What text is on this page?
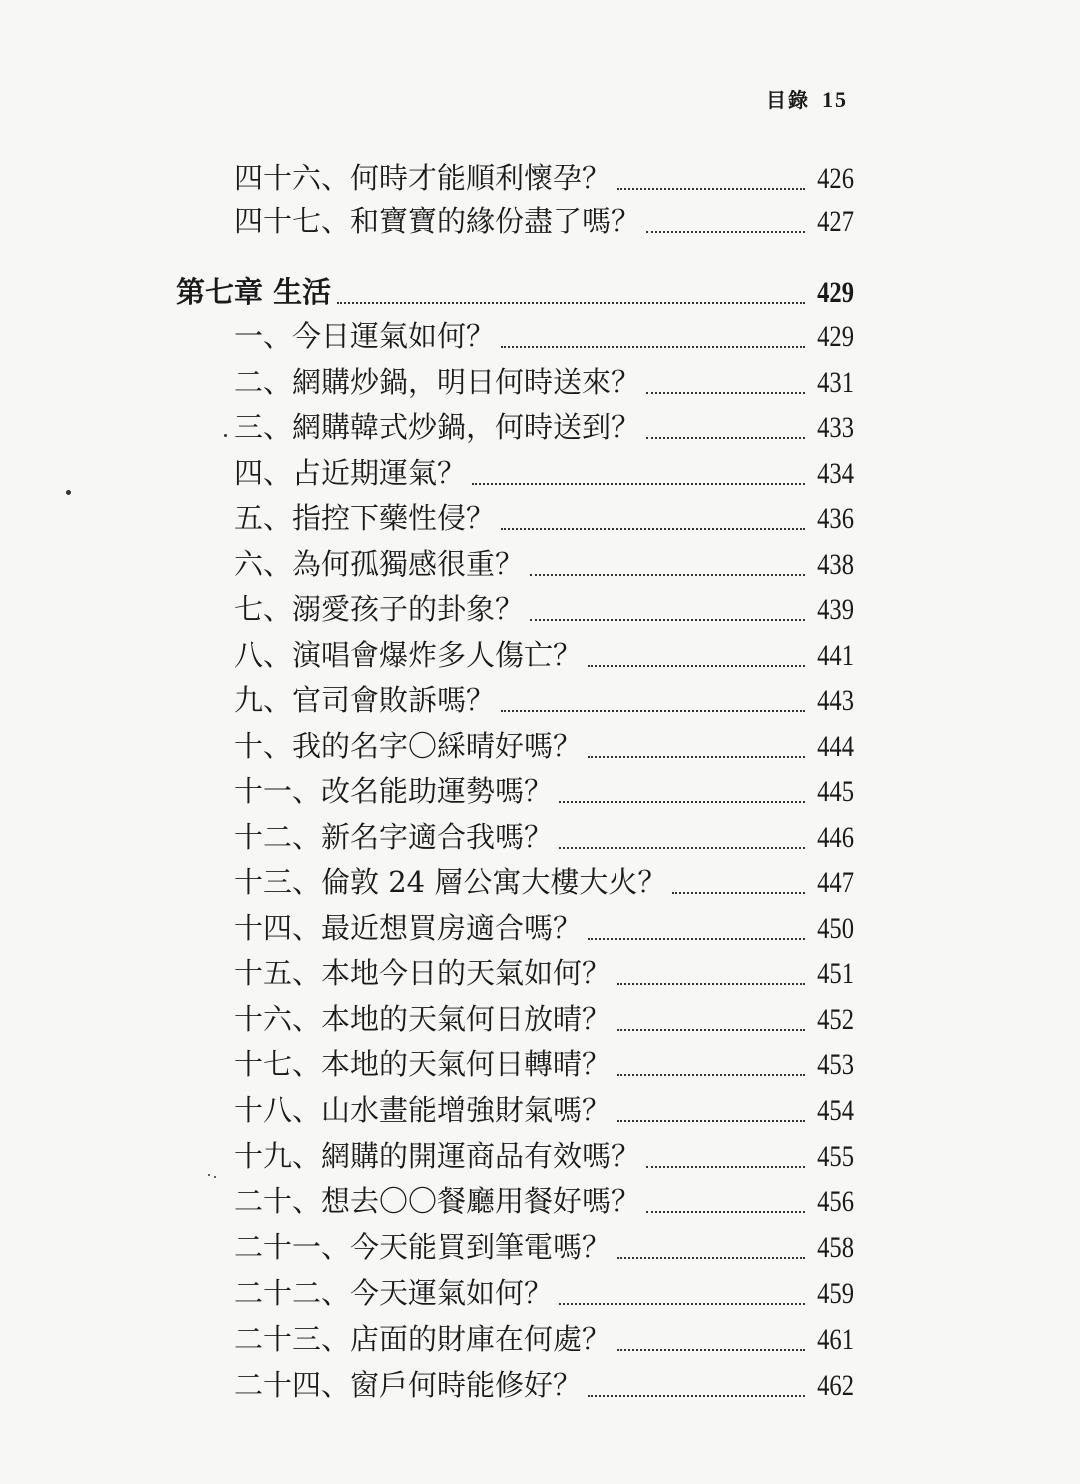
目錄 15
四十六、何時才能順利懷孕？	426
四十七、和寶寶的緣份盡了嗎？	427
第七章 生活	429
一、今日運氣如何？	429
二、網購炒鍋，明日何時送來？	431
三、網購韓式炒鍋，何時送到？	433
四、占近期運氣？	434
五、指控下藥性侵？	436
六、為何孤獨感很重？	438
七、溺愛孩子的卦象？	439
八、演唱會爆炸多人傷亡？	441
九、官司會敗訴嗎？	443
十、我的名字〇綵晴好嗎？	444
十一、改名能助運勢嗎？	445
十二、新名字適合我嗎？	446
十三、倫敦 24 層公寓大樓大火？	447
十四、最近想買房適合嗎？	450
十五、本地今日的天氣如何？	451
十六、本地的天氣何日放晴？	452
十七、本地的天氣何日轉晴？	453
十八、山水畫能增強財氣嗎？	454
十九、網購的開運商品有效嗎？	455
二十、想去〇〇餐廳用餐好嗎？	456
二十一、今天能買到筆電嗎？	458
二十二、今天運氣如何？	459
二十三、店面的財庫在何處？	461
二十四、窗戶何時能修好？	462
